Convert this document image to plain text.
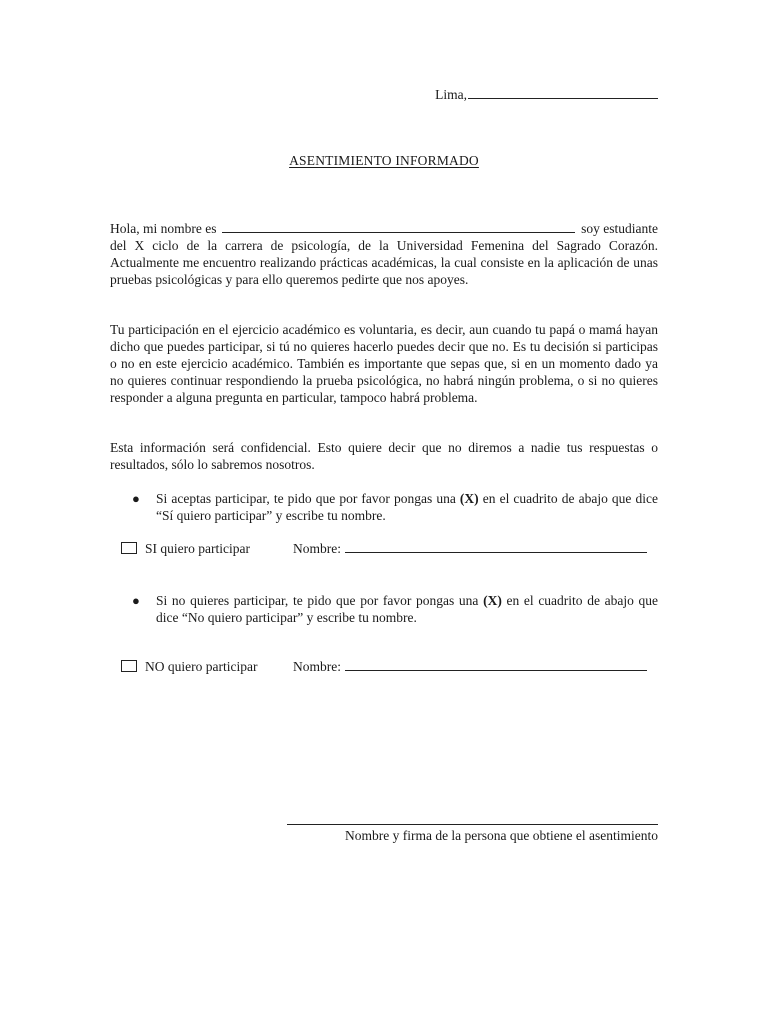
Lima,
ASENTIMIENTO INFORMADO
Hola, mi nombre es	soy estudiante
del X ciclo de la carrera de psicología, de la Universidad Femenina del Sagrado Corazón. Actualmente me encuentro realizando prácticas académicas, la cual consiste en la aplicación de unas pruebas psicológicas y para ello queremos pedirte que nos apoyes.
Tu participación en el ejercicio académico es voluntaria, es decir, aun cuando tu papá o mamá hayan dicho que puedes participar, si tú no quieres hacerlo puedes decir que no. Es tu decisión si participas o no en este ejercicio académico. También es importante que sepas que, si en un momento dado ya no quieres continuar respondiendo la prueba psicológica, no habrá ningún problema, o si no quieres responder a alguna pregunta en particular, tampoco habrá problema.
Esta información será confidencial. Esto quiere decir que no diremos a nadie tus respuestas o resultados, sólo lo sabremos nosotros.
●	Si aceptas participar, te pido que por favor pongas una (X) en el cuadrito de abajo que dice “Sí quiero participar” y escribe tu nombre.
SI quiero participar	Nombre:
●	Si no quieres participar, te pido que por favor pongas una (X) en el cuadrito de abajo que dice “No quiero participar” y escribe tu nombre.
NO quiero participar	Nombre:
Nombre y firma de la persona que obtiene el asentimiento
